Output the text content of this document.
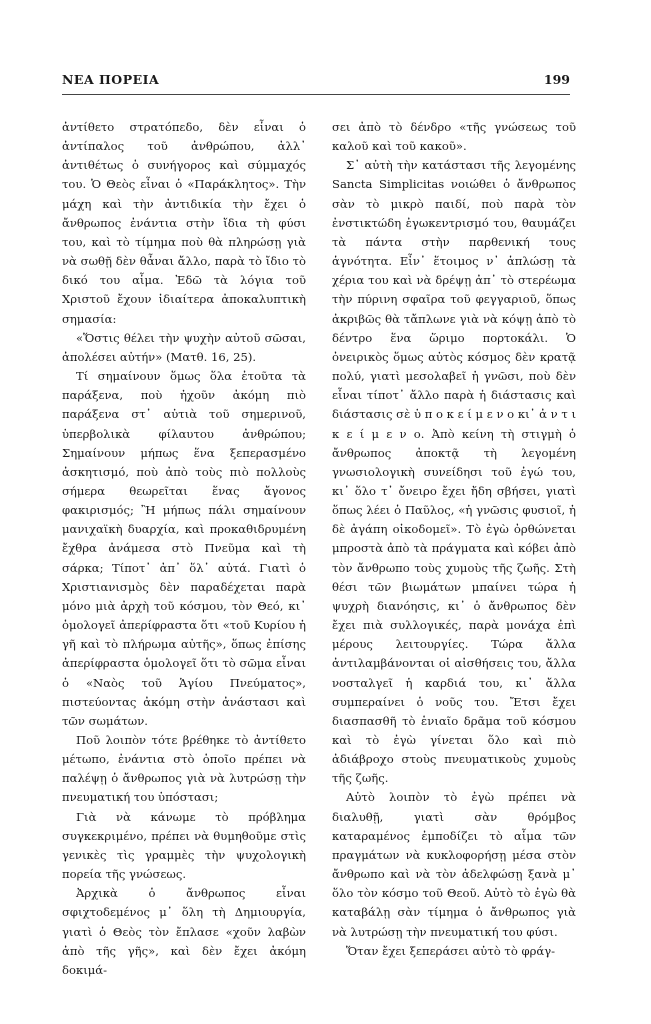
ΝΕΑ ΠΟΡΕΙΑ	199

ἀντίθετο στρατόπεδο, δὲν εἶναι ὁ ἀντίπαλος τοῦ ἀνθρώπου, ἀλλ᾿ ἀντιθέτως ὁ συνήγορος καὶ σύμμαχός του. Ὁ Θεὸς εἶναι ὁ «Παράκλητος». Τὴν μάχη καὶ τὴν ἀντιδικία τὴν ἔχει ὁ ἄνθρωπος ἐνάντια στὴν ἴδια τὴ φύσι του, καὶ τὸ τίμημα ποὺ θὰ πληρώσῃ γιὰ νὰ σωθῇ δὲν θἆναι ἄλλο, παρὰ τὸ ἴδιο τὸ δικό του αἷμα. Ἐδῶ τὰ λόγια τοῦ Χριστοῦ ἔχουν ἰδιαίτερα ἀποκαλυπτικὴ σημασία:

«Ὅστις θέλει τὴν ψυχὴν αὐτοῦ σῶσαι, ἀπολέσει αὐτήν» (Ματθ. 16, 25).

Τί σημαίνουν ὅμως ὅλα ἐτοῦτα τὰ παράξενα, ποὺ ἠχοῦν ἀκόμη πιὸ παράξενα στ᾿ αὐτιὰ τοῦ σημερινοῦ, ὑπερβολικὰ φίλαυτου ἀνθρώπου; Σημαίνουν μήπως ἕνα ξεπερασμένο ἀσκητισμό, ποὺ ἀπὸ τοὺς πιὸ πολλοὺς σήμερα θεωρεῖται ἕνας ἄγονος φακιρισμός; Ἢ μήπως πάλι σημαίνουν μανιχαϊκὴ δυαρχία, καὶ προκαθιδρυμένη ἔχθρα ἀνάμεσα στὸ Πνεῦμα καὶ τὴ σάρκα; Τίποτ᾿ ἀπ᾿ ὅλ᾿ αὐτά. Γιατὶ ὁ Χριστιανισμὸς δὲν παραδέχεται παρὰ μόνο μιὰ ἀρχὴ τοῦ κόσμου, τὸν Θεό, κι᾿ ὁμολογεῖ ἀπερίφραστα ὅτι «τοῦ Κυρίου ἡ γῆ καὶ τὸ πλήρωμα αὐτῆς», ὅπως ἐπίσης ἀπερίφραστα ὁμολογεῖ ὅτι τὸ σῶμα εἶναι ὁ «Ναὸς τοῦ Ἁγίου Πνεύματος», πιστεύοντας ἀκόμη στὴν ἀνάστασι καὶ τῶν σωμάτων.

Ποῦ λοιπὸν τότε βρέθηκε τὸ ἀντίθετο μέτωπο, ἐνάντια στὸ ὁποῖο πρέπει νὰ παλέψῃ ὁ ἄνθρωπος γιὰ νὰ λυτρώσῃ τὴν πνευματική του ὑπόστασι;

Γιὰ νὰ κάνωμε τὸ πρόβλημα συγκεκριμένο, πρέπει νὰ θυμηθοῦμε στὶς γενικὲς τὶς γραμμὲς τὴν ψυχολογικὴ πορεία τῆς γνώσεως.

Ἀρχικὰ ὁ ἄνθρωπος εἶναι σφιχτοδεμένος μ᾿ ὅλη τὴ Δημιουργία, γιατὶ ὁ Θεὸς τὸν ἔπλασε «χοῦν λαβὼν ἀπὸ τῆς γῆς», καὶ δὲν ἔχει ἀκόμη δοκιμά-

σει ἀπὸ τὸ δένδρο «τῆς γνώσεως τοῦ καλοῦ καὶ τοῦ κακοῦ».

Σ᾿ αὐτὴ τὴν κατάστασι τῆς λεγομένης Sancta Simplicitas νοιώθει ὁ ἄνθρωπος σὰν τὸ μικρὸ παιδί, ποὺ παρὰ τὸν ἐνστικτώδη ἐγωκεντρισμό του, θαυμάζει τὰ πάντα στὴν παρθενική τους ἁγνότητα. Εἶν᾿ ἕτοιμος ν᾿ ἁπλώσῃ τὰ χέρια του καὶ νὰ δρέψῃ ἀπ᾿ τὸ στερέωμα τὴν πύρινη σφαῖρα τοῦ φεγγαριοῦ, ὅπως ἀκριβῶς θὰ τἄπλωνε γιὰ νὰ κόψῃ ἀπὸ τὸ δέντρο ἕνα ὥριμο πορτοκάλι. Ὁ ὀνειρικὸς ὅμως αὐτὸς κόσμος δὲν κρατᾷ πολύ, γιατὶ μεσολαβεῖ ἡ γνῶσι, ποὺ δὲν εἶναι τίποτ᾿ ἄλλο παρὰ ἡ διάστασις καὶ διάστασις σὲ ὑ π ο κ ε ί μ ε ν ο κι᾿ ἀ ν τ ι κ ε ί μ ε ν ο. Ἀπὸ κείνη τὴ στιγμὴ ὁ ἄνθρωπος ἀποκτᾷ τὴ λεγομένη γνωσιολογικὴ συνείδησι τοῦ ἐγώ του, κι᾿ ὅλο τ᾿ ὄνειρο ἔχει ἤδη σβήσει, γιατὶ ὅπως λέει ὁ Παῦλος, «ἡ γνῶσις φυσιοῖ, ἡ δὲ ἀγάπη οἰκοδομεῖ». Τὸ ἐγὼ ὀρθώνεται μπροστὰ ἀπὸ τὰ πράγματα καὶ κόβει ἀπὸ τὸν ἄνθρωπο τοὺς χυμοὺς τῆς ζωῆς. Στὴ θέσι τῶν βιωμάτων μπαίνει τώρα ἡ ψυχρὴ διανόησις, κι᾿ ὁ ἄνθρωπος δὲν ἔχει πιὰ συλλογικές, παρὰ μονάχα ἐπὶ μέρους λειτουργίες. Τώρα ἄλλα ἀντιλαμβάνονται οἱ αἰσθήσεις του, ἄλλα νοσταλγεῖ ἡ καρδιά του, κι᾿ ἄλλα συμπεραίνει ὁ νοῦς του. Ἔτσι ἔχει διασπασθῆ τὸ ἑνιαῖο δρᾶμα τοῦ κόσμου καὶ τὸ ἐγὼ γίνεται ὅλο καὶ πιὸ ἀδιάβροχο στοὺς πνευματικοὺς χυμοὺς τῆς ζωῆς.

Αὐτὸ λοιπὸν τὸ ἐγὼ πρέπει νὰ διαλυθῇ, γιατὶ σὰν θρόμβος καταραμένος ἐμποδίζει τὸ αἷμα τῶν πραγμάτων νὰ κυκλοφορήσῃ μέσα στὸν ἄνθρωπο καὶ νὰ τὸν ἀδελφώσῃ ξανὰ μ᾿ ὅλο τὸν κόσμο τοῦ Θεοῦ. Αὐτὸ τὸ ἐγὼ θὰ καταβάλῃ σὰν τίμημα ὁ ἄνθρωπος γιὰ νὰ λυτρώσῃ τὴν πνευματική του φύσι.

Ὅταν ἔχει ξεπεράσει αὐτὸ τὸ φράγ-
